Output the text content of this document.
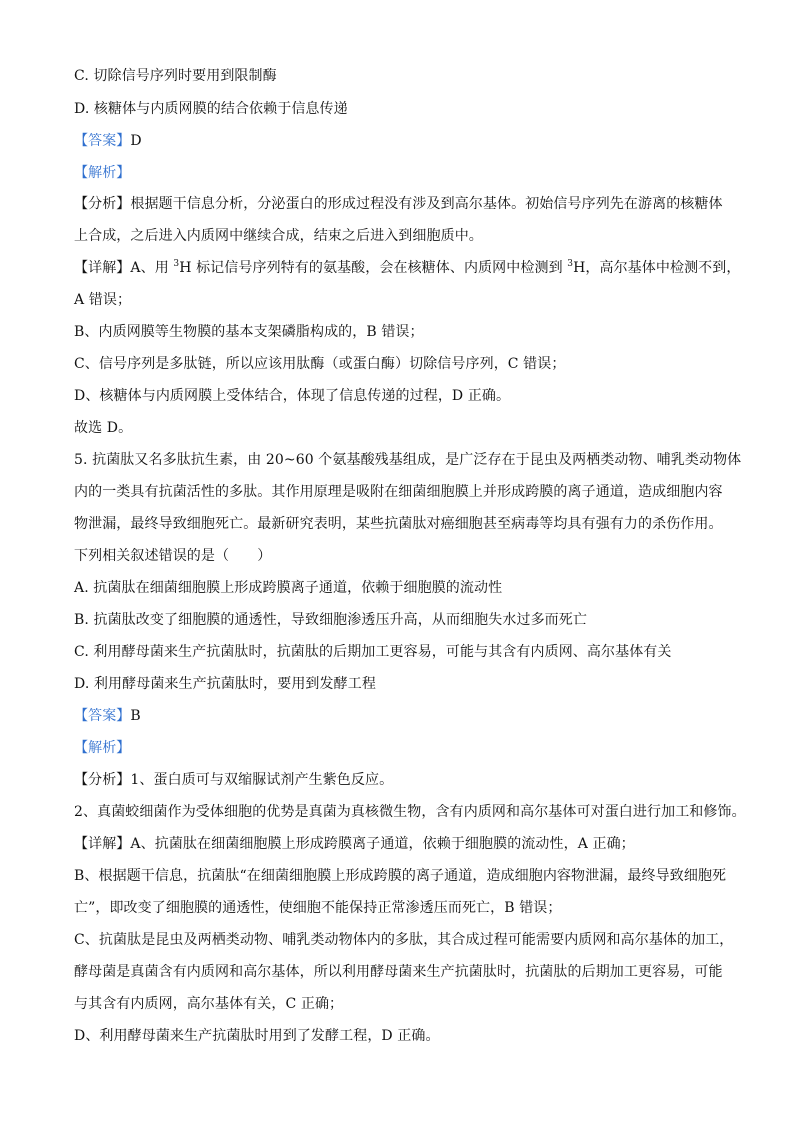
C. 切除信号序列时要用到限制酶
D. 核糖体与内质网膜的结合依赖于信息传递
【答案】D
【解析】
【分析】根据题干信息分析，分泌蛋白的形成过程没有涉及到高尔基体。初始信号序列先在游离的核糖体
上合成，之后进入内质网中继续合成，结束之后进入到细胞质中。
【详解】A、用 $^3$H 标记信号序列特有的氨基酸，会在核糖体、内质网中检测到 $^3$H，高尔基体中检测不到，
A 错误；
B、内质网膜等生物膜的基本支架磷脂构成的，B 错误；
C、信号序列是多肽链，所以应该用肽酶（或蛋白酶）切除信号序列，C 错误；
D、核糖体与内质网膜上受体结合，体现了信息传递的过程，D 正确。
故选 D。
5. 抗菌肽又名多肽抗生素，由 20~60 个氨基酸残基组成，是广泛存在于昆虫及两栖类动物、哺乳类动物体
内的一类具有抗菌活性的多肽。其作用原理是吸附在细菌细胞膜上并形成跨膜的离子通道，造成细胞内容
物泄漏，最终导致细胞死亡。最新研究表明，某些抗菌肽对癌细胞甚至病毒等均具有强有力的杀伤作用。
下列相关叙述错误的是（　　）
A. 抗菌肽在细菌细胞膜上形成跨膜离子通道，依赖于细胞膜的流动性
B. 抗菌肽改变了细胞膜的通透性，导致细胞渗透压升高，从而细胞失水过多而死亡
C. 利用酵母菌来生产抗菌肽时，抗菌肽的后期加工更容易，可能与其含有内质网、高尔基体有关
D. 利用酵母菌来生产抗菌肽时，要用到发酵工程
【答案】B
【解析】
【分析】1、蛋白质可与双缩脲试剂产生紫色反应。
2、真菌蛟细菌作为受体细胞的优势是真菌为真核微生物，含有内质网和高尔基体可对蛋白进行加工和修饰。
【详解】A、抗菌肽在细菌细胞膜上形成跨膜离子通道，依赖于细胞膜的流动性，A 正确；
B、根据题干信息，抗菌肽“在细菌细胞膜上形成跨膜的离子通道，造成细胞内容物泄漏，最终导致细胞死
亡”，即改变了细胞膜的通透性，使细胞不能保持正常渗透压而死亡，B 错误；
C、抗菌肽是昆虫及两栖类动物、哺乳类动物体内的多肽，其合成过程可能需要内质网和高尔基体的加工，
酵母菌是真菌含有内质网和高尔基体，所以利用酵母菌来生产抗菌肽时，抗菌肽的后期加工更容易，可能
与其含有内质网，高尔基体有关，C 正确；
D、利用酵母菌来生产抗菌肽时用到了发酵工程，D 正确。
